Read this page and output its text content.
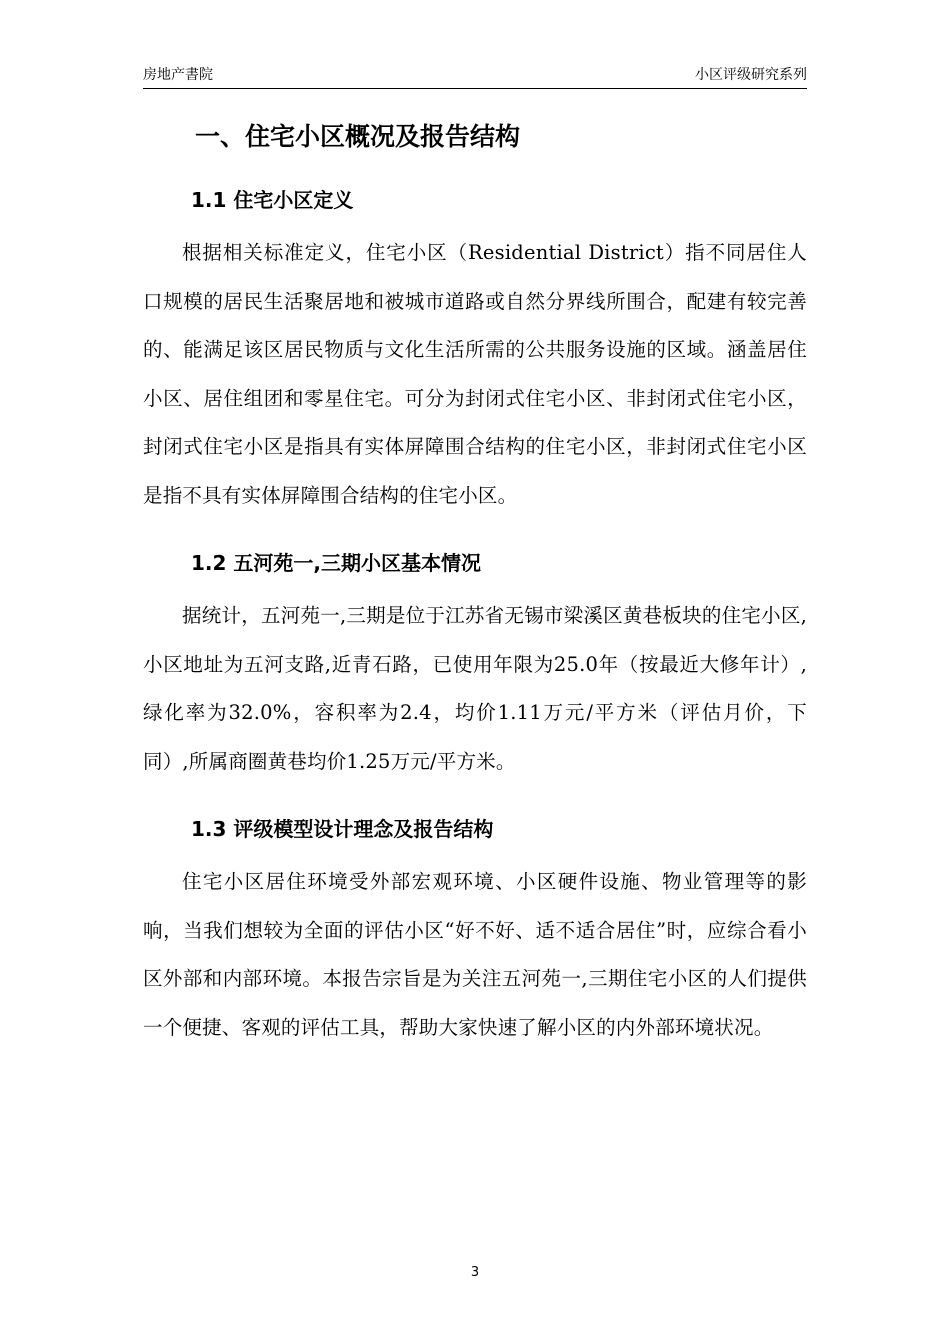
房地产書院	小区评级研究系列
一、住宅小区概况及报告结构
1.1 住宅小区定义

根据相关标准定义，住宅小区（Residential District）指不同居住人口规模的居民生活聚居地和被城市道路或自然分界线所围合，配建有较完善的、能满足该区居民物质与文化生活所需的公共服务设施的区域。涵盖居住小区、居住组团和零星住宅。可分为封闭式住宅小区、非封闭式住宅小区，封闭式住宅小区是指具有实体屏障围合结构的住宅小区，非封闭式住宅小区是指不具有实体屏障围合结构的住宅小区。

1.2 五河苑一,三期小区基本情况

据统计，五河苑一,三期是位于江苏省无锡市梁溪区黄巷板块的住宅小区,小区地址为五河支路,近青石路，已使用年限为25.0年（按最近大修年计）,绿化率为32.0%，容积率为2.4，均价1.11万元/平方米（评估月价，下同）,所属商圈黄巷均价1.25万元/平方米。

1.3 评级模型设计理念及报告结构

住宅小区居住环境受外部宏观环境、小区硬件设施、物业管理等的影响，当我们想较为全面的评估小区“好不好、适不适合居住”时，应综合看小区外部和内部环境。本报告宗旨是为关注五河苑一,三期住宅小区的人们提供一个便捷、客观的评估工具，帮助大家快速了解小区的内外部环境状况。

3
